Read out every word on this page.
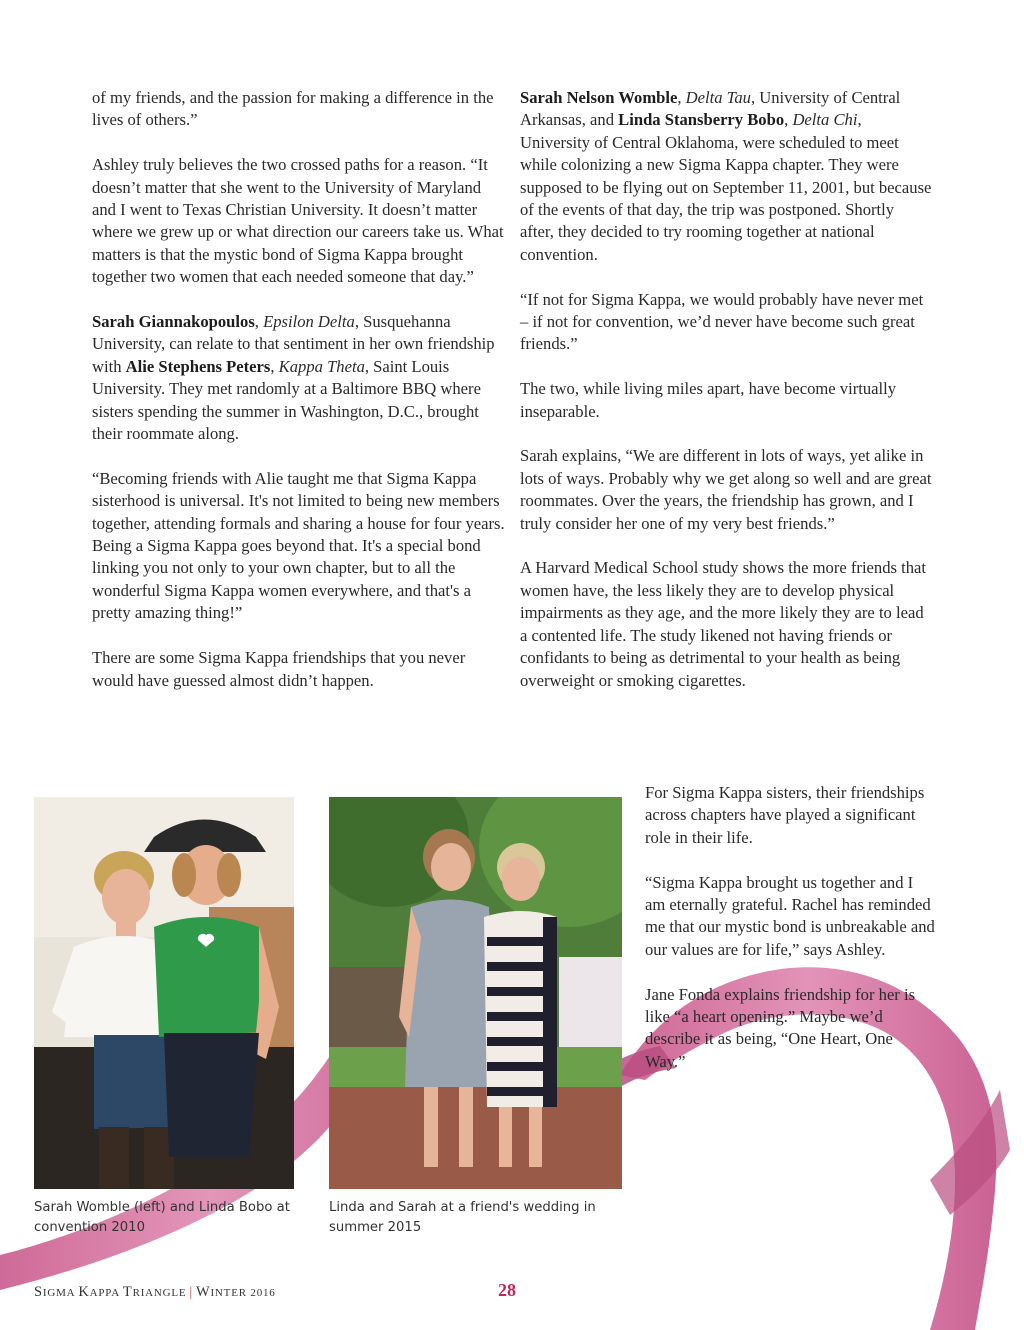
of my friends, and the passion for making a difference in the lives of others.”

Ashley truly believes the two crossed paths for a reason. “It doesn’t matter that she went to the University of Maryland and I went to Texas Christian University. It doesn’t matter where we grew up or what direction our careers take us. What matters is that the mystic bond of Sigma Kappa brought together two women that each needed someone that day.”

Sarah Giannakopoulos, Epsilon Delta, Susquehanna University, can relate to that sentiment in her own friendship with Alie Stephens Peters, Kappa Theta, Saint Louis University. They met randomly at a Baltimore BBQ where sisters spending the summer in Washington, D.C., brought their roommate along.

“Becoming friends with Alie taught me that Sigma Kappa sisterhood is universal. It's not limited to being new members together, attending formals and sharing a house for four years. Being a Sigma Kappa goes beyond that. It's a special bond linking you not only to your own chapter, but to all the wonderful Sigma Kappa women everywhere, and that's a pretty amazing thing!”

There are some Sigma Kappa friendships that you never would have guessed almost didn’t happen.

Sarah Nelson Womble, Delta Tau, University of Central Arkansas, and Linda Stansberry Bobo, Delta Chi, University of Central Oklahoma, were scheduled to meet while colonizing a new Sigma Kappa chapter. They were supposed to be flying out on September 11, 2001, but because of the events of that day, the trip was postponed. Shortly after, they decided to try rooming together at national convention.

“If not for Sigma Kappa, we would probably have never met – if not for convention, we’d never have become such great friends.”

The two, while living miles apart, have become virtually inseparable.

Sarah explains, “We are different in lots of ways, yet alike in lots of ways. Probably why we get along so well and are great roommates. Over the years, the friendship has grown, and I truly consider her one of my very best friends.”

A Harvard Medical School study shows the more friends that women have, the less likely they are to develop physical impairments as they age, and the more likely they are to lead a contented life. The study likened not having friends or confidants to being as detrimental to your health as being overweight or smoking cigarettes.

For Sigma Kappa sisters, their friendships across chapters have played a significant role in their life.

“Sigma Kappa brought us together and I am eternally grateful. Rachel has reminded me that our mystic bond is unbreakable and our values are for life,” says Ashley.

Jane Fonda explains friendship for her is like “a heart opening.” Maybe we’d describe it as being, “One Heart, One Way.”

Sarah Womble (left) and Linda Bobo at convention 2010
Linda and Sarah at a friend's wedding in summer 2015
SIGMA KAPPA TRIANGLE | WINTER 2016	28
